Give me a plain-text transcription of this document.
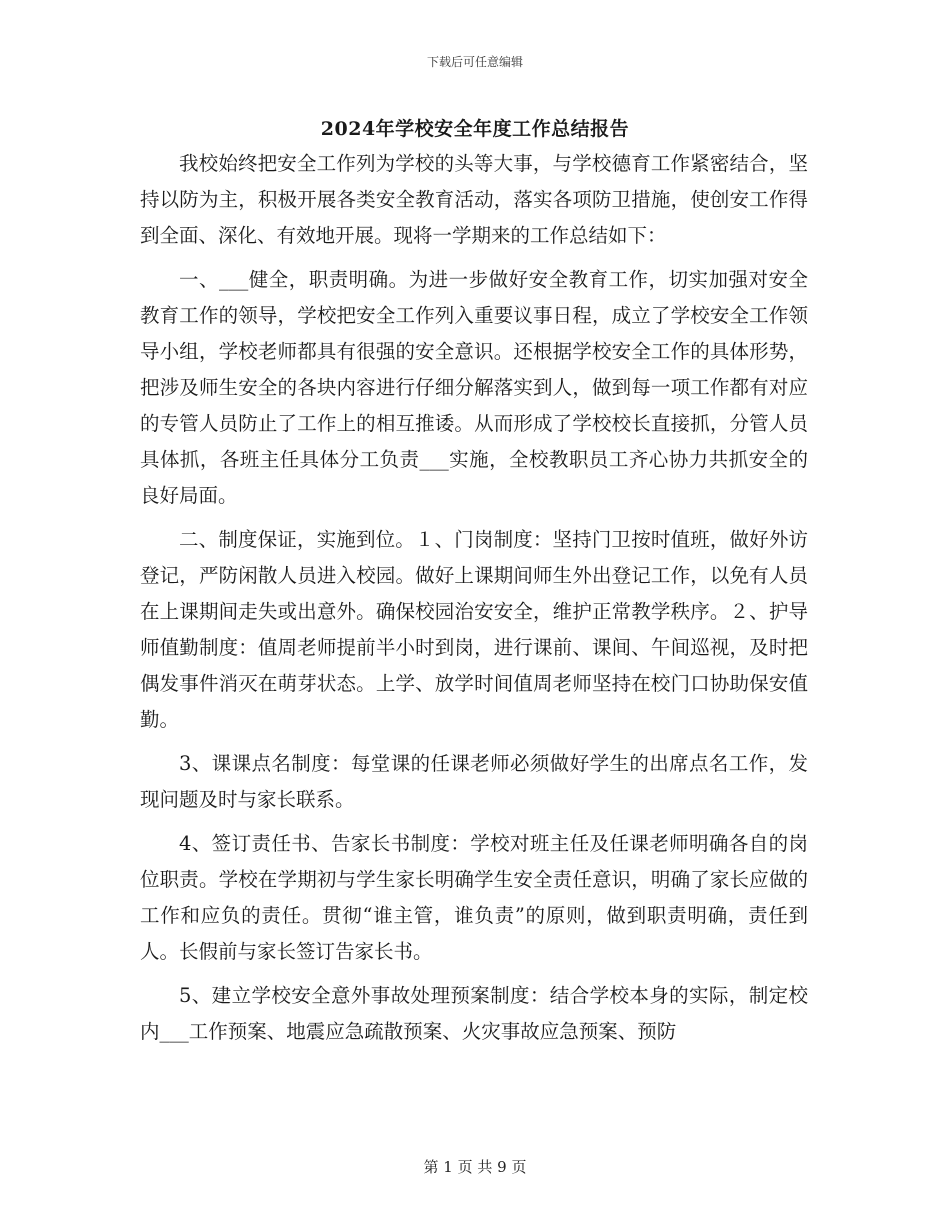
下载后可任意编辑
2024年学校安全年度工作总结报告

我校始终把安全工作列为学校的头等大事，与学校德育工作紧密结合，坚持以防为主，积极开展各类安全教育活动，落实各项防卫措施，使创安工作得到全面、深化、有效地开展。现将一学期来的工作总结如下：

一、___健全，职责明确。为进一步做好安全教育工作，切实加强对安全教育工作的领导，学校把安全工作列入重要议事日程，成立了学校安全工作领导小组，学校老师都具有很强的安全意识。还根据学校安全工作的具体形势，把涉及师生安全的各块内容进行仔细分解落实到人，做到每一项工作都有对应的专管人员防止了工作上的相互推诿。从而形成了学校校长直接抓，分管人员具体抓，各班主任具体分工负责___实施，全校教职员工齐心协力共抓安全的良好局面。

二、制度保证，实施到位。１、门岗制度：坚持门卫按时值班，做好外访登记，严防闲散人员进入校园。做好上课期间师生外出登记工作，以免有人员在上课期间走失或出意外。确保校园治安安全，维护正常教学秩序。２、护导师值勤制度：值周老师提前半小时到岗，进行课前、课间、午间巡视，及时把偶发事件消灭在萌芽状态。上学、放学时间值周老师坚持在校门口协助保安值勤。

3、课课点名制度：每堂课的任课老师必须做好学生的出席点名工作，发现问题及时与家长联系。

4、签订责任书、告家长书制度：学校对班主任及任课老师明确各自的岗位职责。学校在学期初与学生家长明确学生安全责任意识，明确了家长应做的工作和应负的责任。贯彻“谁主管，谁负责”的原则，做到职责明确，责任到人。长假前与家长签订告家长书。

5、建立学校安全意外事故处理预案制度：结合学校本身的实际，制定校内___工作预案、地震应急疏散预案、火灾事故应急预案、预防

第 1 页 共 9 页
